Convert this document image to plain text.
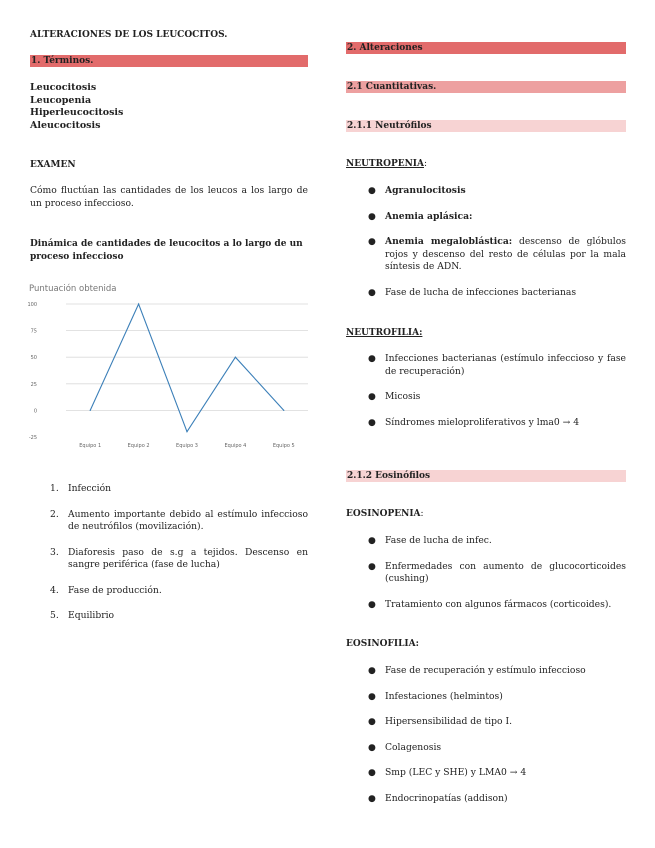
ALTERACIONES DE LOS LEUCOCITOS.
1. Términos.
Leucocitosis
Leucopenia
Hiperleucocitosis
Aleucocitosis
EXAMEN
Cómo fluctúan las cantidades de los leucos a los largo de un proceso infeccioso.
Dinámica de cantidades de leucocitos a lo largo de un proceso infeccioso
Puntuación obtenida
-25
0
25
50
75
100
Equipo 1	Equipo 2	Equipo 3	Equipo 4	Equipo 5
1. Infección
2. Aumento importante debido al estímulo infeccioso de neutrófilos (movilización).
3. Diaforesis paso de s.g a tejidos. Descenso en sangre periférica (fase de lucha)
4. Fase de producción.
5. Equilibrio
2. Alteraciones
2.1 Cuantitativas.
2.1.1 Neutrófilos
NEUTROPENIA:
● Agranulocitosis
● Anemia aplásica:
● Anemia megaloblástica: descenso de glóbulos rojos y descenso del resto de células por la mala síntesis de ADN.
● Fase de lucha de infecciones bacterianas
NEUTROFILIA:
● Infecciones bacterianas (estímulo infeccioso y fase de recuperación)
● Micosis
● Síndromes mieloproliferativos y lma0 → 4
2.1.2 Eosinófilos
EOSINOPENIA:
● Fase de lucha de infec.
● Enfermedades con aumento de glucocorticoides (cushing)
● Tratamiento con algunos fármacos (corticoides).
EOSINOFILIA:
● Fase de recuperación y estímulo infeccioso
● Infestaciones (helmintos)
● Hipersensibilidad de tipo I.
● Colagenosis
● Smp (LEC y SHE) y LMA0 → 4
● Endocrinopatías (addison)
